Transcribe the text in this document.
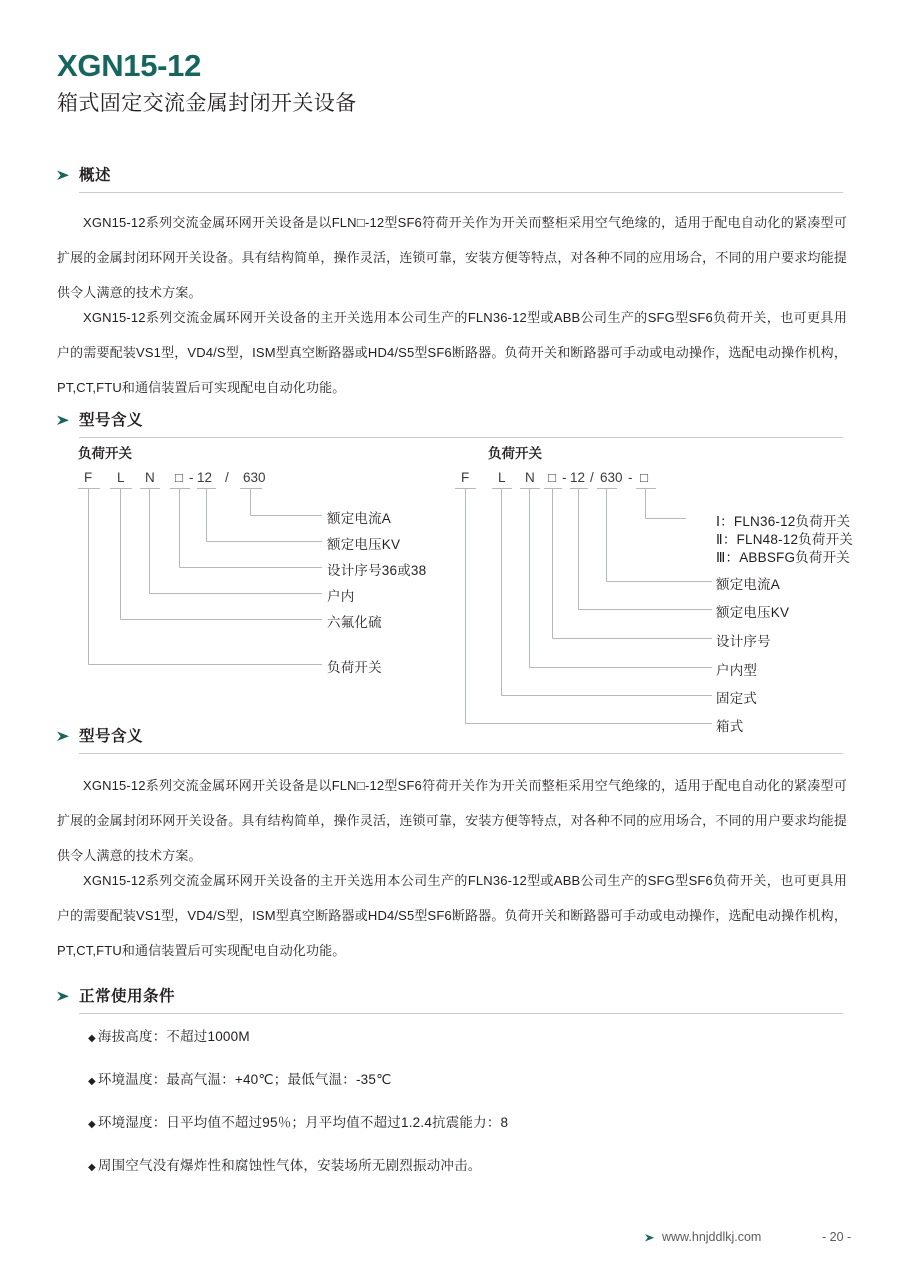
XGN15-12
箱式固定交流金属封闭开关设备
概述

XGN15-12系列交流金属环网开关设备是以FLN□-12型SF6符荷开关作为开关而整柜采用空气绝缘的，适用于配电自动化的紧凑型可扩展的金属封闭环网开关设备。具有结构简单，操作灵活，连锁可靠，安装方便等特点，对各种不同的应用场合，不同的用户要求均能提供令人满意的技术方案。

XGN15-12系列交流金属环网开关设备的主开关选用本公司生产的FLN36-12型或ABB公司生产的SFG型SF6负荷开关，也可更具用户的需要配装VS1型，VD4/S型，ISM型真空断路器或HD4/S5型SF6断路器。负荷开关和断路器可手动或电动操作，选配电动操作机构，PT,CT,FTU和通信装置后可实现配电自动化功能。

型号含义
负荷开关
F L N □ - 12 / 630
额定电流A
额定电压KV
设计序号36或38
户内
六氟化硫
负荷开关
负荷开关
F L N □ - 12 / 630 - □
Ⅰ：FLN36-12负荷开关
Ⅱ：FLN48-12负荷开关
Ⅲ：ABBSFG负荷开关
额定电流A
额定电压KV
设计序号
户内型
固定式
箱式
型号含义

XGN15-12系列交流金属环网开关设备是以FLN□-12型SF6符荷开关作为开关而整柜采用空气绝缘的，适用于配电自动化的紧凑型可扩展的金属封闭环网开关设备。具有结构简单，操作灵活，连锁可靠，安装方便等特点，对各种不同的应用场合，不同的用户要求均能提供令人满意的技术方案。

XGN15-12系列交流金属环网开关设备的主开关选用本公司生产的FLN36-12型或ABB公司生产的SFG型SF6负荷开关，也可更具用户的需要配装VS1型，VD4/S型，ISM型真空断路器或HD4/S5型SF6断路器。负荷开关和断路器可手动或电动操作，选配电动操作机构，PT,CT,FTU和通信装置后可实现配电自动化功能。

正常使用条件
◆ 海拔高度：不超过1000M
◆ 环境温度：最高气温：+40℃；最低气温：-35℃
◆ 环境湿度：日平均值不超过95％；月平均值不超过1.2.4抗震能力：8
◆ 周围空气没有爆炸性和腐蚀性气体，安装场所无剧烈振动冲击。
www.hnjddlkj.com	- 20 -
